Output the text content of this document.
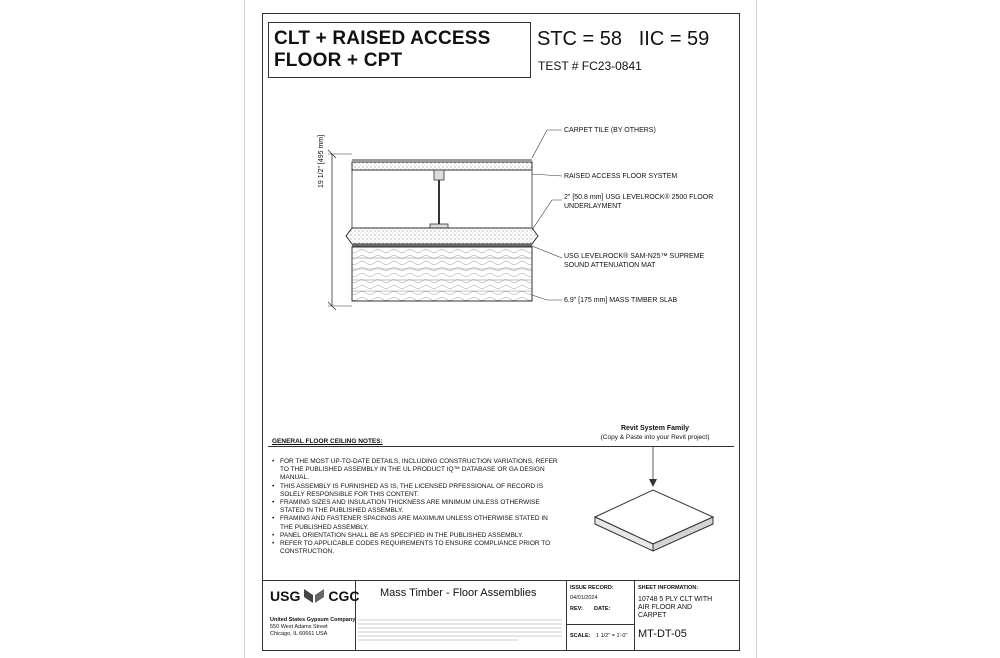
CLT + RAISED ACCESS
FLOOR + CPT
STC = 58   IIC = 59
TEST # FC23-0841
19 1/2" [495 mm]
CARPET TILE (BY OTHERS)
RAISED ACCESS FLOOR SYSTEM
2" [50.8 mm] USG LEVELROCK® 2500 FLOOR
UNDERLAYMENT
USG LEVELROCK® SAM-N25™ SUPREME
SOUND ATTENUATION MAT
6.9" [175 mm] MASS TIMBER SLAB
GENERAL FLOOR CEILING NOTES:
• FOR THE MOST UP-TO-DATE DETAILS, INCLUDING CONSTRUCTION VARIATIONS, REFER TO THE PUBLISHED ASSEMBLY IN THE UL PRODUCT IQ™ DATABASE OR GA DESIGN MANUAL.
• THIS ASSEMBLY IS FURNISHED AS IS, THE LICENSED PRFESSIONAL OF RECORD IS SOLELY RESPONSIBLE FOR THIS CONTENT.
• FRAMING SIZES AND INSULATION THICKNESS ARE MINIMUM UNLESS OTHERWISE STATED IN THE PUBLISHED ASSEMBLY.
• FRAMING AND FASTENER SPACINGS ARE MAXIMUM UNLESS OTHERWISE STATED IN THE PUBLISHED ASSEMBLY.
• PANEL ORIENTATION SHALL BE AS SPECIFIED IN THE PUBLISHED ASSEMBLY.
• REFER TO APPLICABLE CODES REQUIREMENTS TO ENSURE COMPLIANCE PRIOR TO CONSTRUCTION.
Revit System Family
(Copy & Paste into your Revit project)
USG CGC
United States Gypsum Company
550 West Adams Street
Chicago, IL 60661 USA
Mass Timber - Floor Assemblies	ISSUE RECORD:
04/01/2024
REV: DATE:
SCALE: 1 1/2" = 1'-0"
SHEET INFORMATION:
10748 5 PLY CLT WITH
AIR FLOOR AND
CARPET
MT-DT-05
